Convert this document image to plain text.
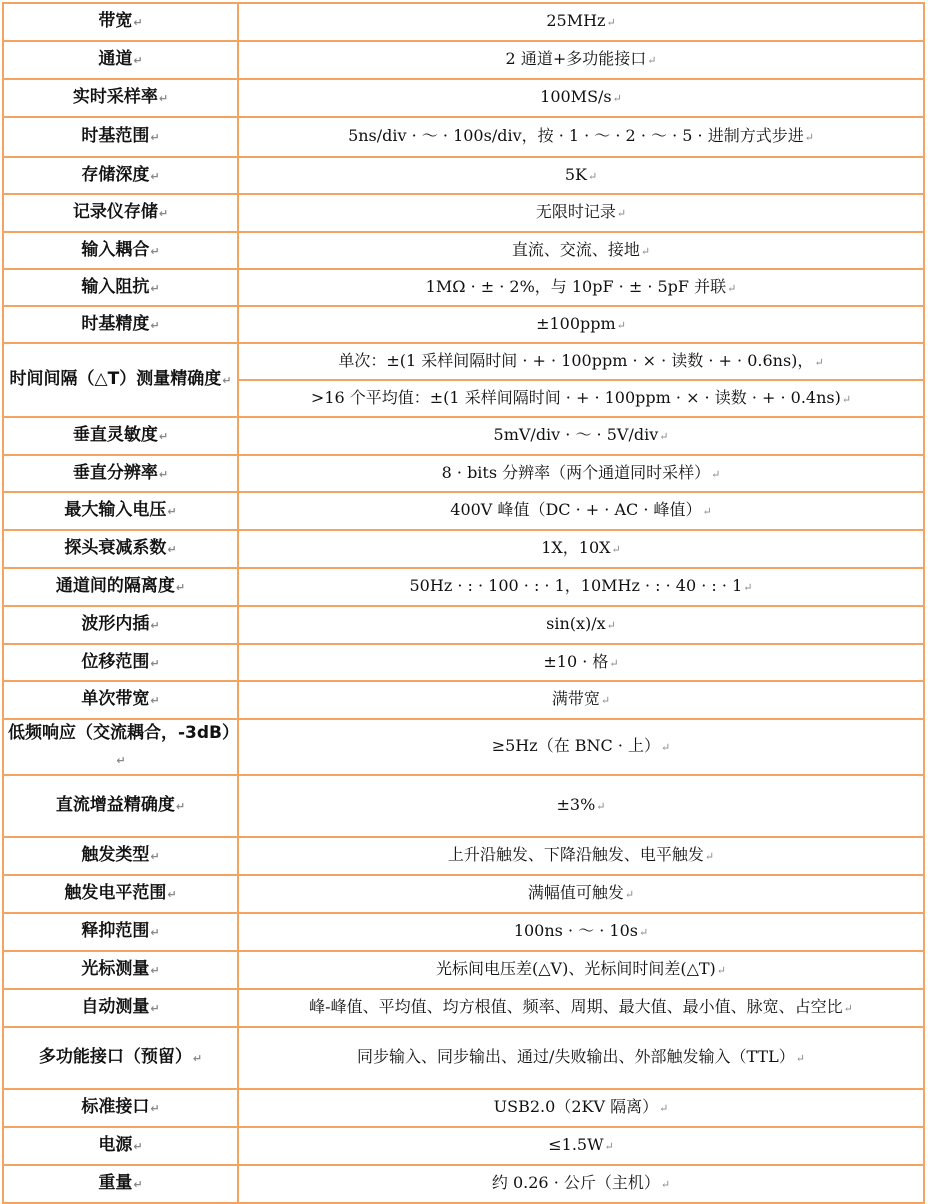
带宽↵	25MHz↵
通道↵	2 通道+多功能接口↵
实时采样率↵	100MS/s↵
时基范围↵	5ns/div · ～ · 100s/div，按 · 1 · ～ · 2 · ～ · 5 · 进制方式步进↵
存储深度↵	5K↵
记录仪存储↵	无限时记录↵
输入耦合↵	直流、交流、接地↵
输入阻抗↵	1MΩ · ± · 2%，与 10pF · ± · 5pF 并联↵
时基精度↵	±100ppm↵
时间间隔（△T）测量精确度↵	单次：±(1 采样间隔时间 · + · 100ppm · × · 读数 · + · 0.6ns)，↵
	>16 个平均值：±(1 采样间隔时间 · + · 100ppm · × · 读数 · + · 0.4ns)↵
垂直灵敏度↵	5mV/div · ～ · 5V/div↵
垂直分辨率↵	8 · bits 分辨率（两个通道同时采样）↵
最大输入电压↵	400V 峰值（DC · + · AC · 峰值）↵
探头衰减系数↵	1X，10X↵
通道间的隔离度↵	50Hz · : · 100 · : · 1，10MHz · : · 40 · : · 1↵
波形内插↵	sin(x)/x↵
位移范围↵	±10 · 格↵
单次带宽↵	满带宽↵
低频响应（交流耦合，-3dB）↵	≥5Hz（在 BNC · 上）↵
直流增益精确度↵	±3%↵
触发类型↵	上升沿触发、下降沿触发、电平触发↵
触发电平范围↵	满幅值可触发↵
释抑范围↵	100ns · ～ · 10s↵
光标测量↵	光标间电压差(△V)、光标间时间差(△T)↵
自动测量↵	峰-峰值、平均值、均方根值、频率、周期、最大值、最小值、脉宽、占空比↵
多功能接口（预留）↵	同步输入、同步输出、通过/失败输出、外部触发输入（TTL）↵
标准接口↵	USB2.0（2KV 隔离）↵
电源↵	≤1.5W↵
重量↵	约 0.26 · 公斤（主机）↵
